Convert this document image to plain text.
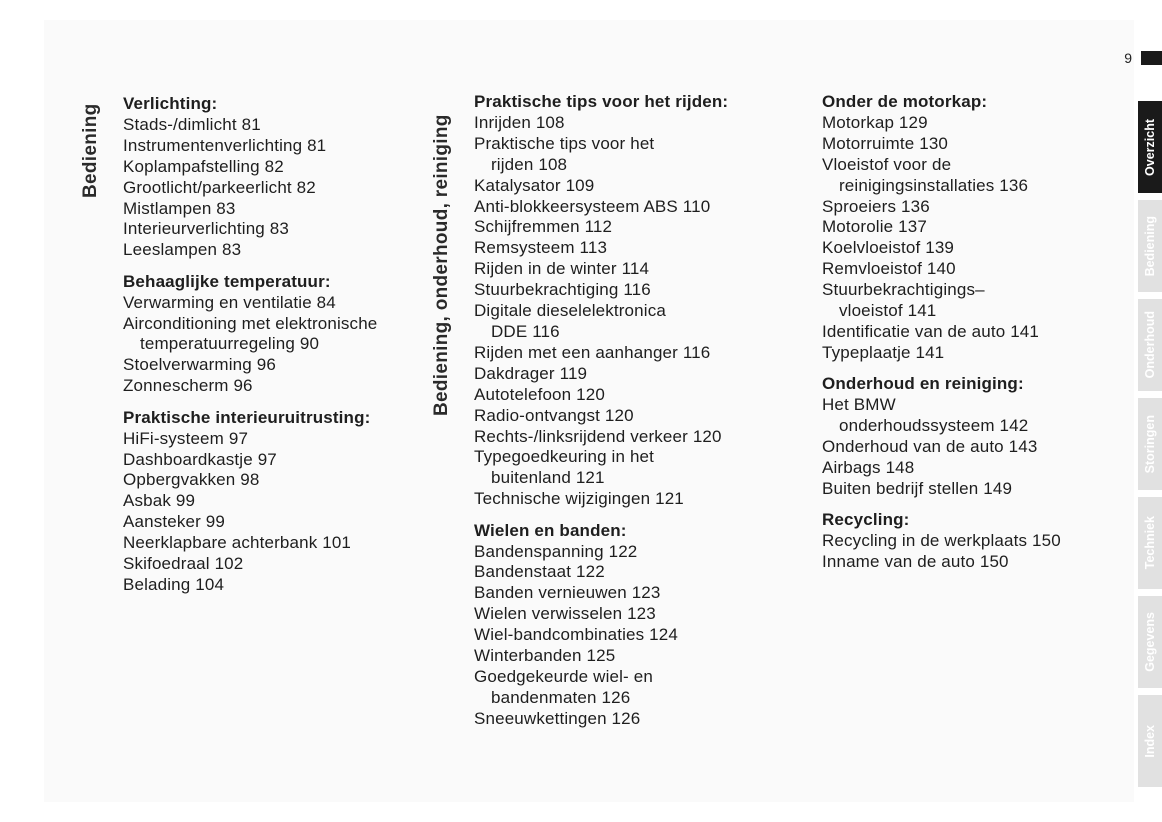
9
Bediening	Bediening, onderhoud, reiniging
Verlichting:
Stads-/dimlicht 81
Instrumentenverlichting 81
Koplampafstelling 82
Grootlicht/parkeerlicht 82
Mistlampen 83
Interieurverlichting 83
Leeslampen 83
Behaaglijke temperatuur:
Verwarming en ventilatie 84
Airconditioning met elektronische
temperatuurregeling 90
Stoelverwarming 96
Zonnescherm 96
Praktische interieuruitrusting:
HiFi-systeem 97
Dashboardkastje 97
Opbergvakken 98
Asbak 99
Aansteker 99
Neerklapbare achterbank 101
Skifoedraal 102
Belading 104
Praktische tips voor het rijden:
Inrijden 108
Praktische tips voor het
rijden 108
Katalysator 109
Anti-blokkeersysteem ABS 110
Schijfremmen 112
Remsysteem 113
Rijden in de winter 114
Stuurbekrachtiging 116
Digitale dieselelektronica
DDE 116
Rijden met een aanhanger 116
Dakdrager 119
Autotelefoon 120
Radio-ontvangst 120
Rechts-/linksrijdend verkeer 120
Typegoedkeuring in het
buitenland 121
Technische wijzigingen 121
Wielen en banden:
Bandenspanning 122
Bandenstaat 122
Banden vernieuwen 123
Wielen verwisselen 123
Wiel-bandcombinaties 124
Winterbanden 125
Goedgekeurde wiel- en
bandenmaten 126
Sneeuwkettingen 126
Onder de motorkap:
Motorkap 129
Motorruimte 130
Vloeistof voor de
reinigingsinstallaties 136
Sproeiers 136
Motorolie 137
Koelvloeistof 139
Remvloeistof 140
Stuurbekrachtigings–
vloeistof 141
Identificatie van de auto 141
Typeplaatje 141
Onderhoud en reiniging:
Het BMW
onderhoudssysteem 142
Onderhoud van de auto 143
Airbags 148
Buiten bedrijf stellen 149
Recycling:
Recycling in de werkplaats 150
Inname van de auto 150
Overzicht
Bediening
Onderhoud
Storingen
Techniek
Gegevens
Index
